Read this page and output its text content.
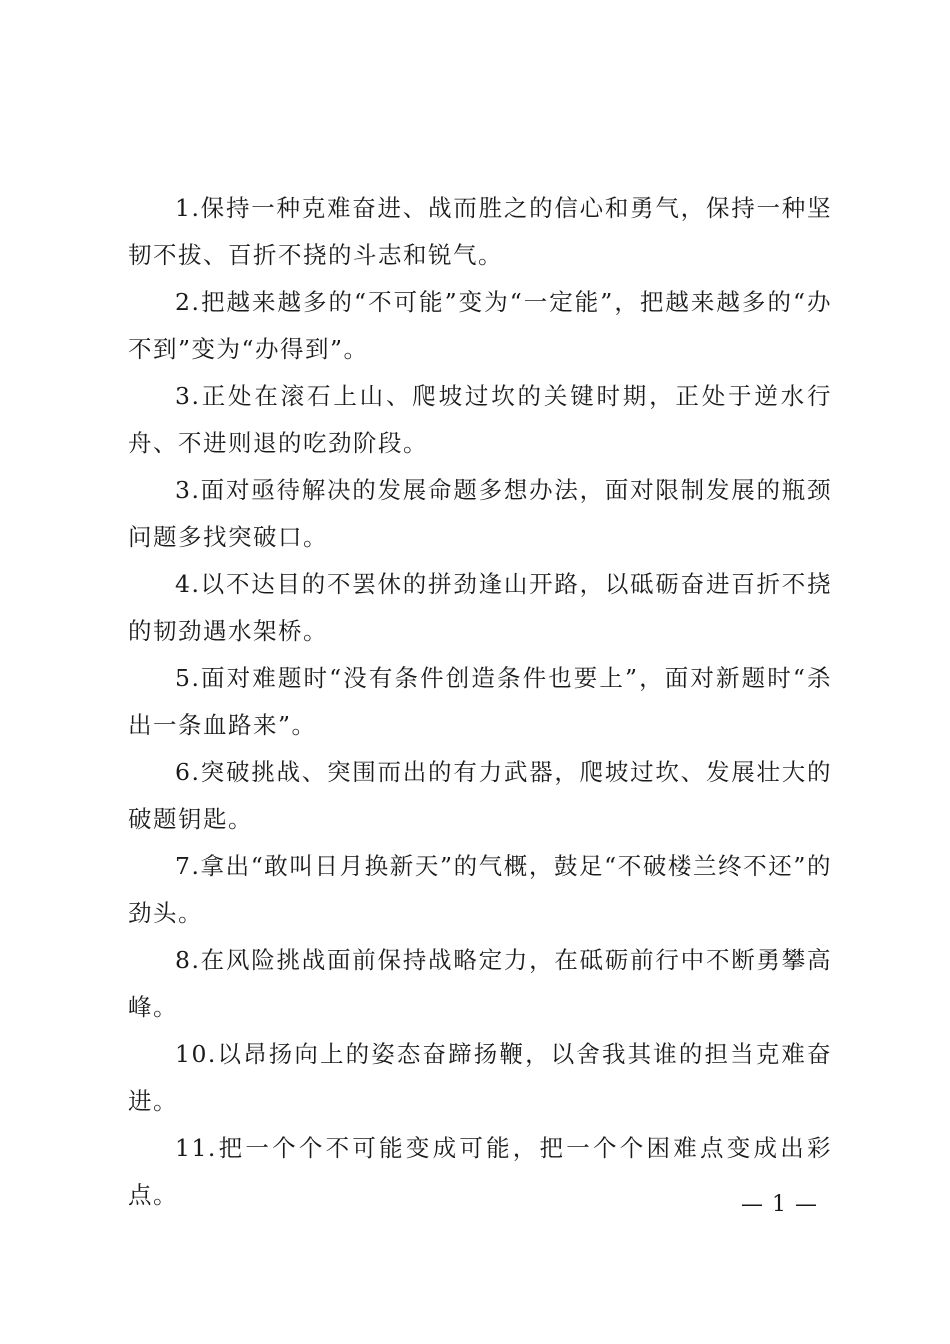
1.保持一种克难奋进、战而胜之的信心和勇气，保持一种坚韧不拔、百折不挠的斗志和锐气。

2.把越来越多的“不可能”变为“一定能”，把越来越多的“办不到”变为“办得到”。

3.正处在滚石上山、爬坡过坎的关键时期，正处于逆水行舟、不进则退的吃劲阶段。

3.面对亟待解决的发展命题多想办法，面对限制发展的瓶颈问题多找突破口。

4.以不达目的不罢休的拼劲逢山开路，以砥砺奋进百折不挠的韧劲遇水架桥。

5.面对难题时“没有条件创造条件也要上”，面对新题时“杀出一条血路来”。

6.突破挑战、突围而出的有力武器，爬坡过坎、发展壮大的破题钥匙。

7.拿出“敢叫日月换新天”的气概，鼓足“不破楼兰终不还”的劲头。

8.在风险挑战面前保持战略定力，在砥砺前行中不断勇攀高峰。

10.以昂扬向上的姿态奋蹄扬鞭，以舍我其谁的担当克难奋进。

11.把一个个不可能变成可能，把一个个困难点变成出彩点。	— 1 —
